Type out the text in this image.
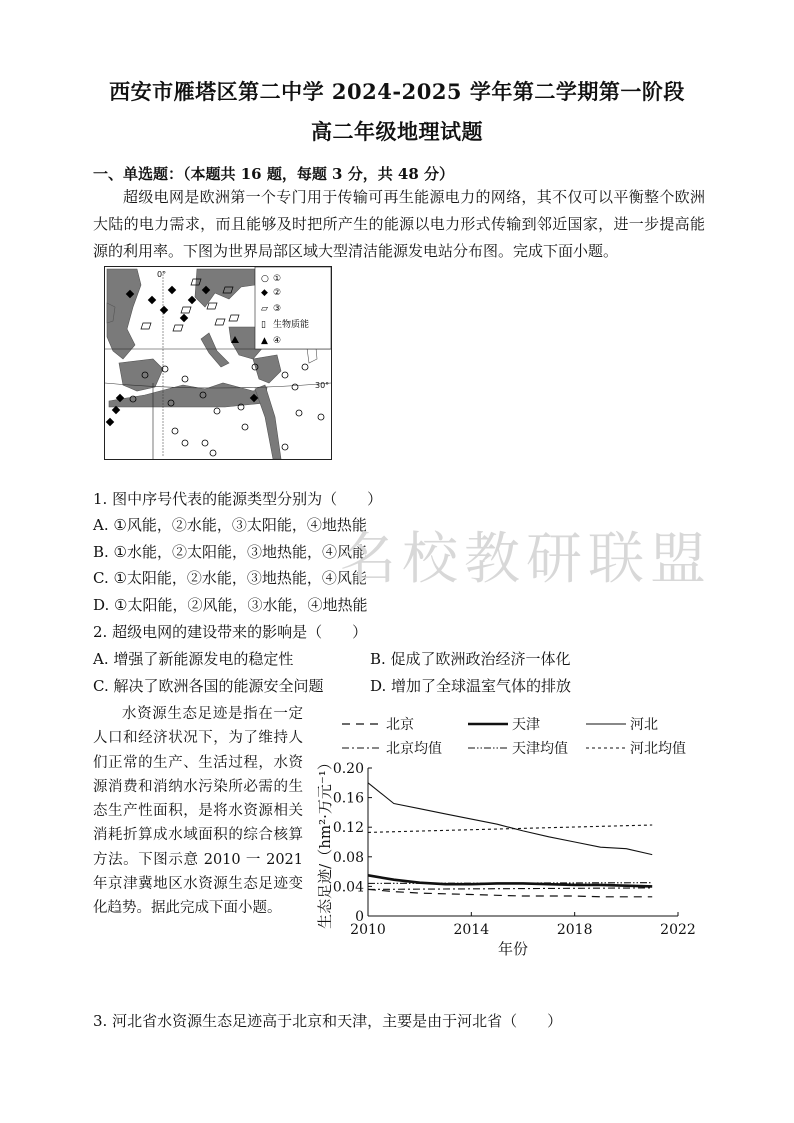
西安市雁塔区第二中学 2024-2025 学年第二学期第一阶段
高二年级地理试题
一、单选题：（本题共 16 题，每题 3 分，共 48 分）
超级电网是欧洲第一个专门用于传输可再生能源电力的网络，其不仅可以平衡整个欧洲大陆的电力需求，而且能够及时把所产生的能源以电力形式传输到邻近国家，进一步提高能源的利用率。下图为世界局部区域大型清洁能源发电站分布图。完成下面小题。
0°
30°
○ ①
◆ ②
▱ ③
▯ 生物质能
▲ ④
1. 图中序号代表的能源类型分别为（　　）
A. ①风能，②水能，③太阳能，④地热能
B. ①水能，②太阳能，③地热能，④风能
C. ①太阳能，②水能，③地热能，④风能
D. ①太阳能，②风能，③水能，④地热能
名校教研联盟
2. 超级电网的建设带来的影响是（　　）
A. 增强了新能源发电的稳定性	B. 促成了欧洲政治经济一体化
C. 解决了欧洲各国的能源安全问题	D. 增加了全球温室气体的排放
水资源生态足迹是指在一定人口和经济状况下，为了维持人们正常的生产、生活过程，水资源消费和消纳水污染所必需的生态生产性面积，是将水资源相关消耗折算成水域面积的综合核算方法。下图示意 2010 一 2021 年京津冀地区水资源生态足迹变化趋势。据此完成下面小题。
北京	天津	河北
北京均值	天津均值	河北均值
0
0.04
0.08
0.12
0.16
0.20
2010	2014	2018	2022
年份
生态足迹/（hm²·万元⁻¹）
3. 河北省水资源生态足迹高于北京和天津，主要是由于河北省（　　）
